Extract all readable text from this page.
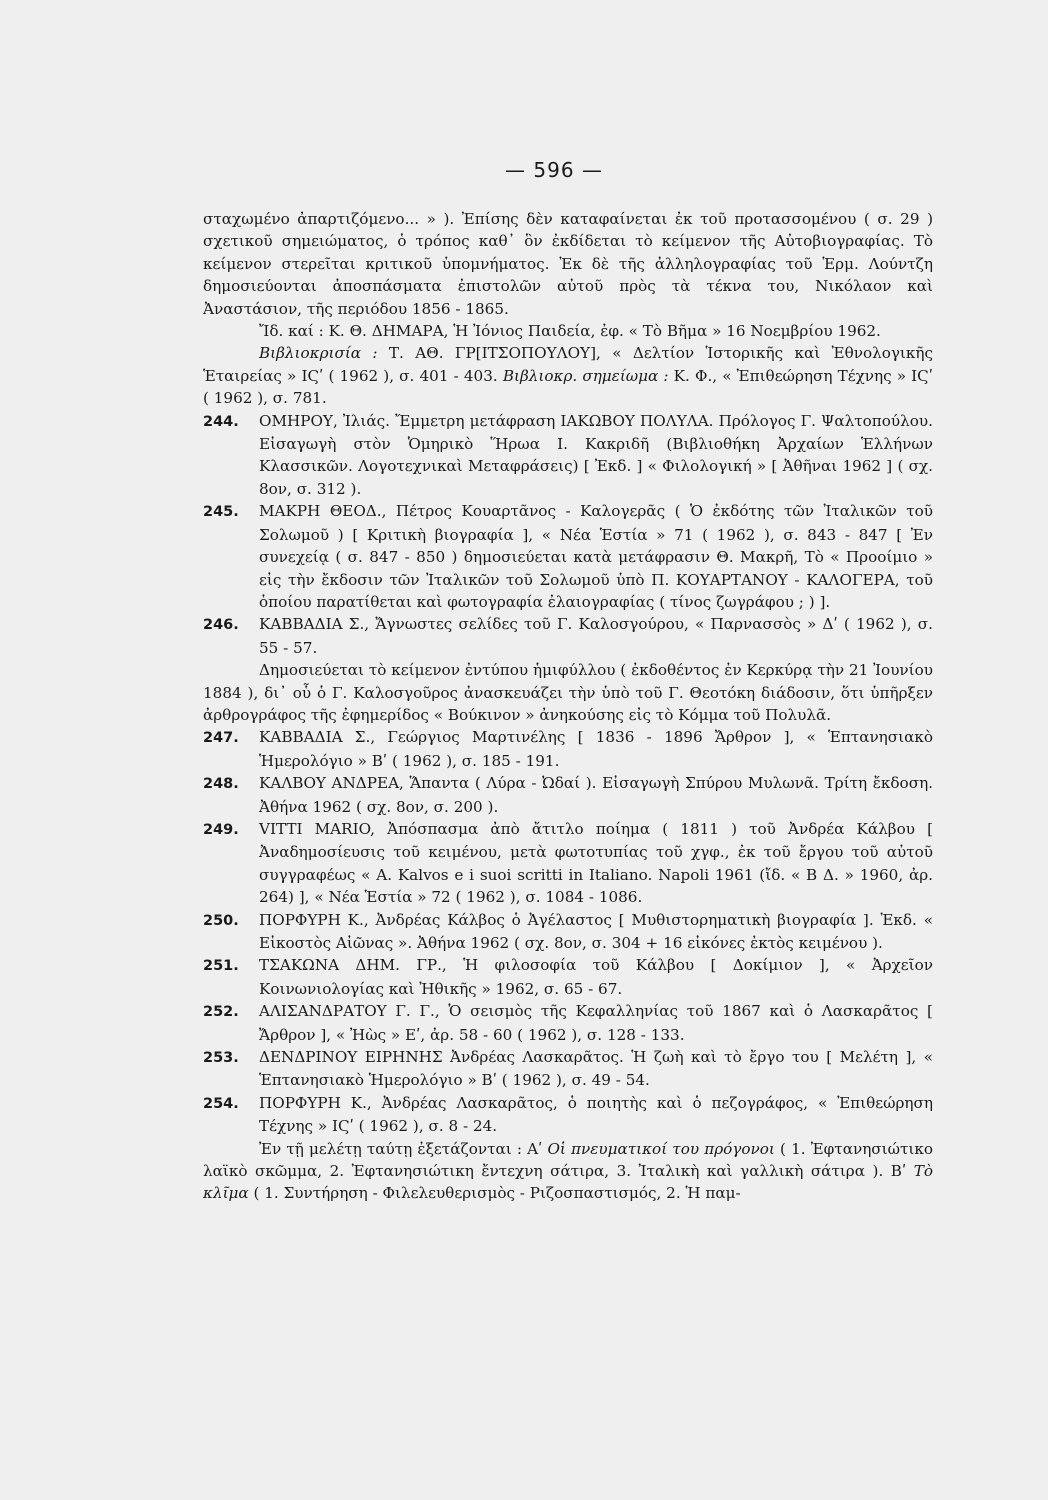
— 596 —

σταχωμένο ἀπαρτιζόμενο... » ). Ἐπίσης δὲν καταφαίνεται ἐκ τοῦ προτασσομένου ( σ. 29 ) σχετικοῦ σημειώματος, ὁ τρόπος καθ᾽ ὃν ἐκδίδεται τὸ κείμενον τῆς Αὐτοβιογραφίας. Τὸ κείμενον στερεῖται κριτικοῦ ὑπομνήματος. Ἐκ δὲ τῆς ἀλληλογραφίας τοῦ Ἑρμ. Λούντζη δημοσιεύονται ἀποσπάσματα ἐπιστολῶν αὐτοῦ πρὸς τὰ τέκνα του, Νικόλαον καὶ Ἀναστάσιον, τῆς περιόδου 1856 - 1865.

Ἴδ. καί : Κ. Θ. ΔΗΜΑΡΑ, Ἡ Ἰόνιος Παιδεία, ἐφ. « Τὸ Βῆμα » 16 Νοεμβρίου 1962.

Βιβλιοκρισία : Τ. ΑΘ. ΓΡ[ΙΤΣΟΠΟΥΛΟΥ], « Δελτίον Ἱστορικῆς καὶ Ἐθνολογικῆς Ἑταιρείας » ΙϚʹ ( 1962 ), σ. 401 - 403. Βιβλιοκρ. σημείωμα : Κ. Φ., « Ἐπιθεώρηση Τέχνης » ΙϚʹ ( 1962 ), σ. 781.

244. ΟΜΗΡΟΥ, Ἰλιάς. Ἔμμετρη μετάφραση ΙΑΚΩΒΟΥ ΠΟΛΥΛΑ. Πρόλογος Γ. Ψαλτοπούλου. Εἰσαγωγὴ στὸν Ὁμηρικὸ Ἥρωα Ι. Κακριδῆ (Βιβλιοθήκη Ἀρχαίων Ἑλλήνων Κλασσικῶν. Λογοτεχνικαὶ Μεταφράσεις) [ Ἐκδ. ] « Φιλολογική » [ Ἀθῆναι 1962 ] ( σχ. 8ον, σ. 312 ).

245. ΜΑΚΡΗ ΘΕΟΔ., Πέτρος Κουαρτᾶνος - Καλογερᾶς ( Ὁ ἐκδότης τῶν Ἰταλικῶν τοῦ Σολωμοῦ ) [ Κριτικὴ βιογραφία ], « Νέα Ἑστία » 71 ( 1962 ), σ. 843 - 847 [ Ἐν συνεχείᾳ ( σ. 847 - 850 ) δημοσιεύεται κατὰ μετάφρασιν Θ. Μακρῆ, Τὸ « Προοίμιο » εἰς τὴν ἔκδοσιν τῶν Ἰταλικῶν τοῦ Σολωμοῦ ὑπὸ Π. ΚΟΥΑΡΤΑΝΟΥ - ΚΑΛΟΓΕΡΑ, τοῦ ὁποίου παρατίθεται καὶ φωτογραφία ἐλαιογραφίας ( τίνος ζωγράφου ; ) ].

246. ΚΑΒΒΑΔΙΑ Σ., Ἄγνωστες σελίδες τοῦ Γ. Καλοσγούρου, « Παρνασσὸς » Δʹ ( 1962 ), σ. 55 - 57.

Δημοσιεύεται τὸ κείμενον ἐντύπου ἡμιφύλλου ( ἐκδοθέντος ἐν Κερκύρᾳ τὴν 21 Ἰουνίου 1884 ), δι᾽ οὗ ὁ Γ. Καλοσγοῦρος ἀνασκευάζει τὴν ὑπὸ τοῦ Γ. Θεοτόκη διάδοσιν, ὅτι ὑπῆρξεν ἀρθρογράφος τῆς ἐφημερίδος « Βούκινον » ἀνηκούσης εἰς τὸ Κόμμα τοῦ Πολυλᾶ.

247. ΚΑΒΒΑΔΙΑ Σ., Γεώργιος Μαρτινέλης [ 1836 - 1896 Ἄρθρον ], « Ἑπτανησιακὸ Ἡμερολόγιο » Βʹ ( 1962 ), σ. 185 - 191.

248. ΚΑΛΒΟΥ ΑΝΔΡΕΑ, Ἅπαντα ( Λύρα - Ὠδαί ). Εἰσαγωγὴ Σπύρου Μυλωνᾶ. Τρίτη ἔκδοση. Ἀθήνα 1962 ( σχ. 8ον, σ. 200 ).

249. VITTI MARIO, Ἀπόσπασμα ἀπὸ ἄτιτλο ποίημα ( 1811 ) τοῦ Ἀνδρέα Κάλβου [ Ἀναδημοσίευσις τοῦ κειμένου, μετὰ φωτοτυπίας τοῦ χγφ., ἐκ τοῦ ἔργου τοῦ αὐτοῦ συγγραφέως « A. Kalvos e i suoi scritti in Italiano. Napoli 1961 (ἴδ. « Β Δ. » 1960, ἀρ. 264) ], « Νέα Ἑστία » 72 ( 1962 ), σ. 1084 - 1086.

250. ΠΟΡΦΥΡΗ Κ., Ἀνδρέας Κάλβος ὁ Ἀγέλαστος [ Μυθιστορηματικὴ βιογραφία ]. Ἐκδ. « Εἰκοστὸς Αἰῶνας ». Ἀθήνα 1962 ( σχ. 8ον, σ. 304 + 16 εἰκόνες ἐκτὸς κειμένου ).

251. ΤΣΑΚΩΝΑ ΔΗΜ. ΓΡ., Ἡ φιλοσοφία τοῦ Κάλβου [ Δοκίμιον ], « Ἀρχεῖον Κοινωνιολογίας καὶ Ἠθικῆς » 1962, σ. 65 - 67.

252. ΑΛΙΣΑΝΔΡΑΤΟΥ Γ. Γ., Ὁ σεισμὸς τῆς Κεφαλληνίας τοῦ 1867 καὶ ὁ Λασκαρᾶτος [ Ἄρθρον ], « Ἠὼς » Εʹ, ἀρ. 58 - 60 ( 1962 ), σ. 128 - 133.

253. ΔΕΝΔΡΙΝΟΥ ΕΙΡΗΝΗΣ Ἀνδρέας Λασκαρᾶτος. Ἡ ζωὴ καὶ τὸ ἔργο του [ Μελέτη ], « Ἑπτανησιακὸ Ἡμερολόγιο » Βʹ ( 1962 ), σ. 49 - 54.

254. ΠΟΡΦΥΡΗ Κ., Ἀνδρέας Λασκαρᾶτος, ὁ ποιητὴς καὶ ὁ πεζογράφος, « Ἐπιθεώρηση Τέχνης » ΙϚʹ ( 1962 ), σ. 8 - 24.

Ἐν τῇ μελέτῃ ταύτῃ ἐξετάζονται : Αʹ Οἱ πνευματικοί του πρόγονοι ( 1. Ἐφτανησιώτικο λαϊκὸ σκῶμμα, 2. Ἐφτανησιώτικη ἔντεχνη σάτιρα, 3. Ἰταλικὴ καὶ γαλλικὴ σάτιρα ). Βʹ Τὸ κλῖμα ( 1. Συντήρηση - Φιλελευθερισμὸς - Ριζοσπαστισμός, 2. Ἡ παμ-
